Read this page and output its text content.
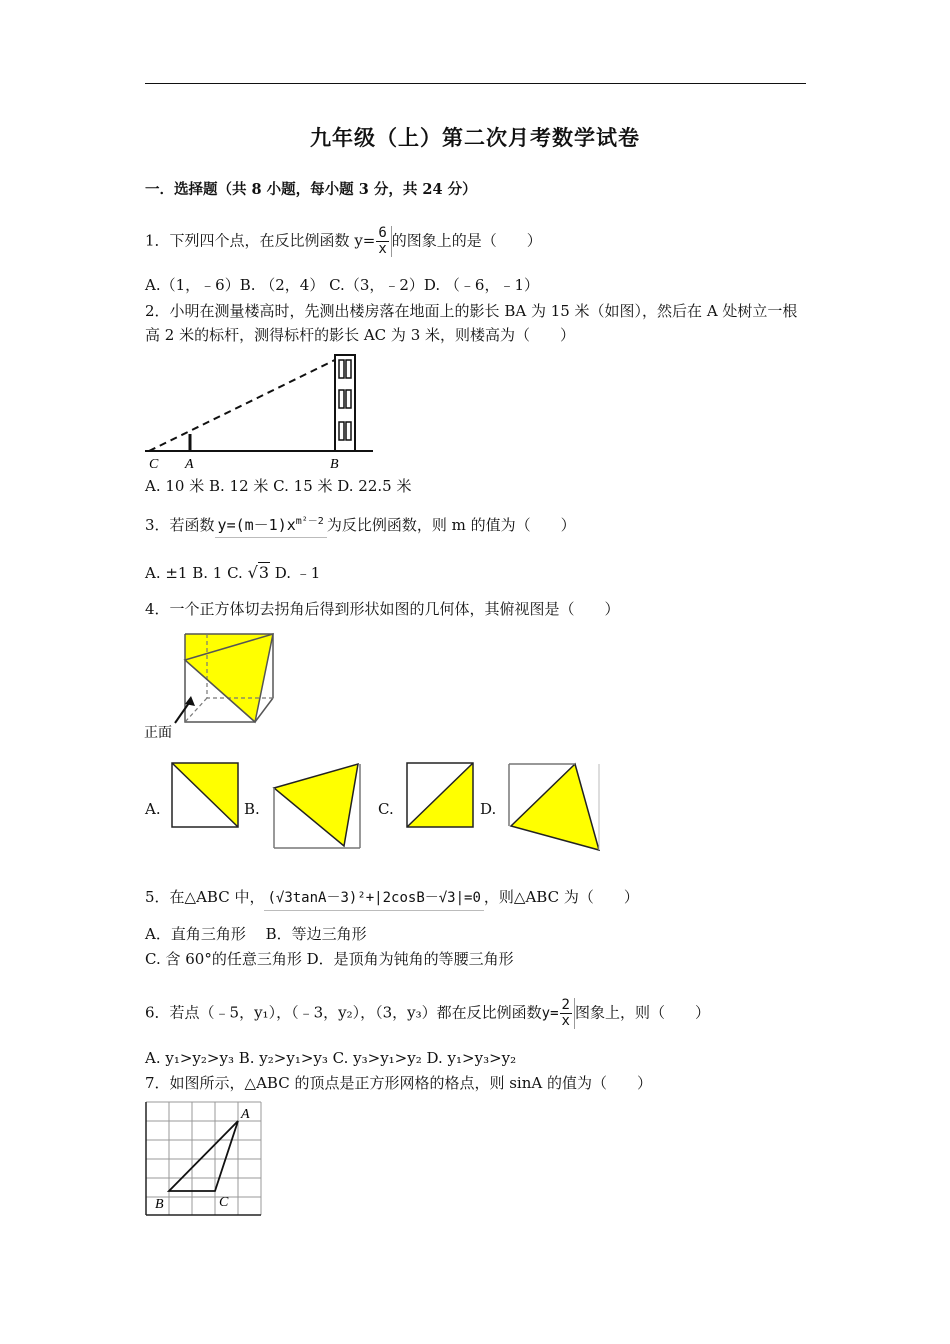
九年级（上）第二次月考数学试卷
一．选择题（共 8 小题，每小题 3 分，共 24 分）
1．下列四个点，在反比例函数 $y= \frac{6}{x}$ 的图象上的是（　　）
A.（1，﹣6）B. （2，4） C.（3，﹣2）D. （﹣6，﹣1）
2．小明在测量楼高时，先测出楼房落在地面上的影长 BA 为 15 米（如图），然后在 A 处树立一根高 2 米的标杆，测得标杆的影长 AC 为 3 米，则楼高为（　　）
C A	B
A. 10 米 B. 12 米 C. 15 米 D. 22.5 米
3．若函数 $y=(m-1)x^{m^2-2}$ 为反比例函数，则 m 的值为（　　）
A. ±1 B. 1 C. √3 D. ﹣1
4．一个正方体切去拐角后得到形状如图的几何体，其俯视图是（　　）
正面
A.	B.	C.	D.
5．在△ABC 中， (√3tanA－3)²+|2cosB－√3|=0 ，则△ABC 为（　　）
A．直角三角形　 B．等边三角形
C. 含 60°的任意三角形 D．是顶角为钝角的等腰三角形
6．若点（﹣5，y₁），（﹣3，y₂），（3，y₃）都在反比例函数$y= \frac{2}{x}$ 图象上，则（　　）
A. y₁>y₂>y₃ B. y₂>y₁>y₃ C. y₃>y₁>y₂ D. y₁>y₃>y₂
7．如图所示，△ABC 的顶点是正方形网格的格点，则 sinA 的值为（　　）
A
B	C
